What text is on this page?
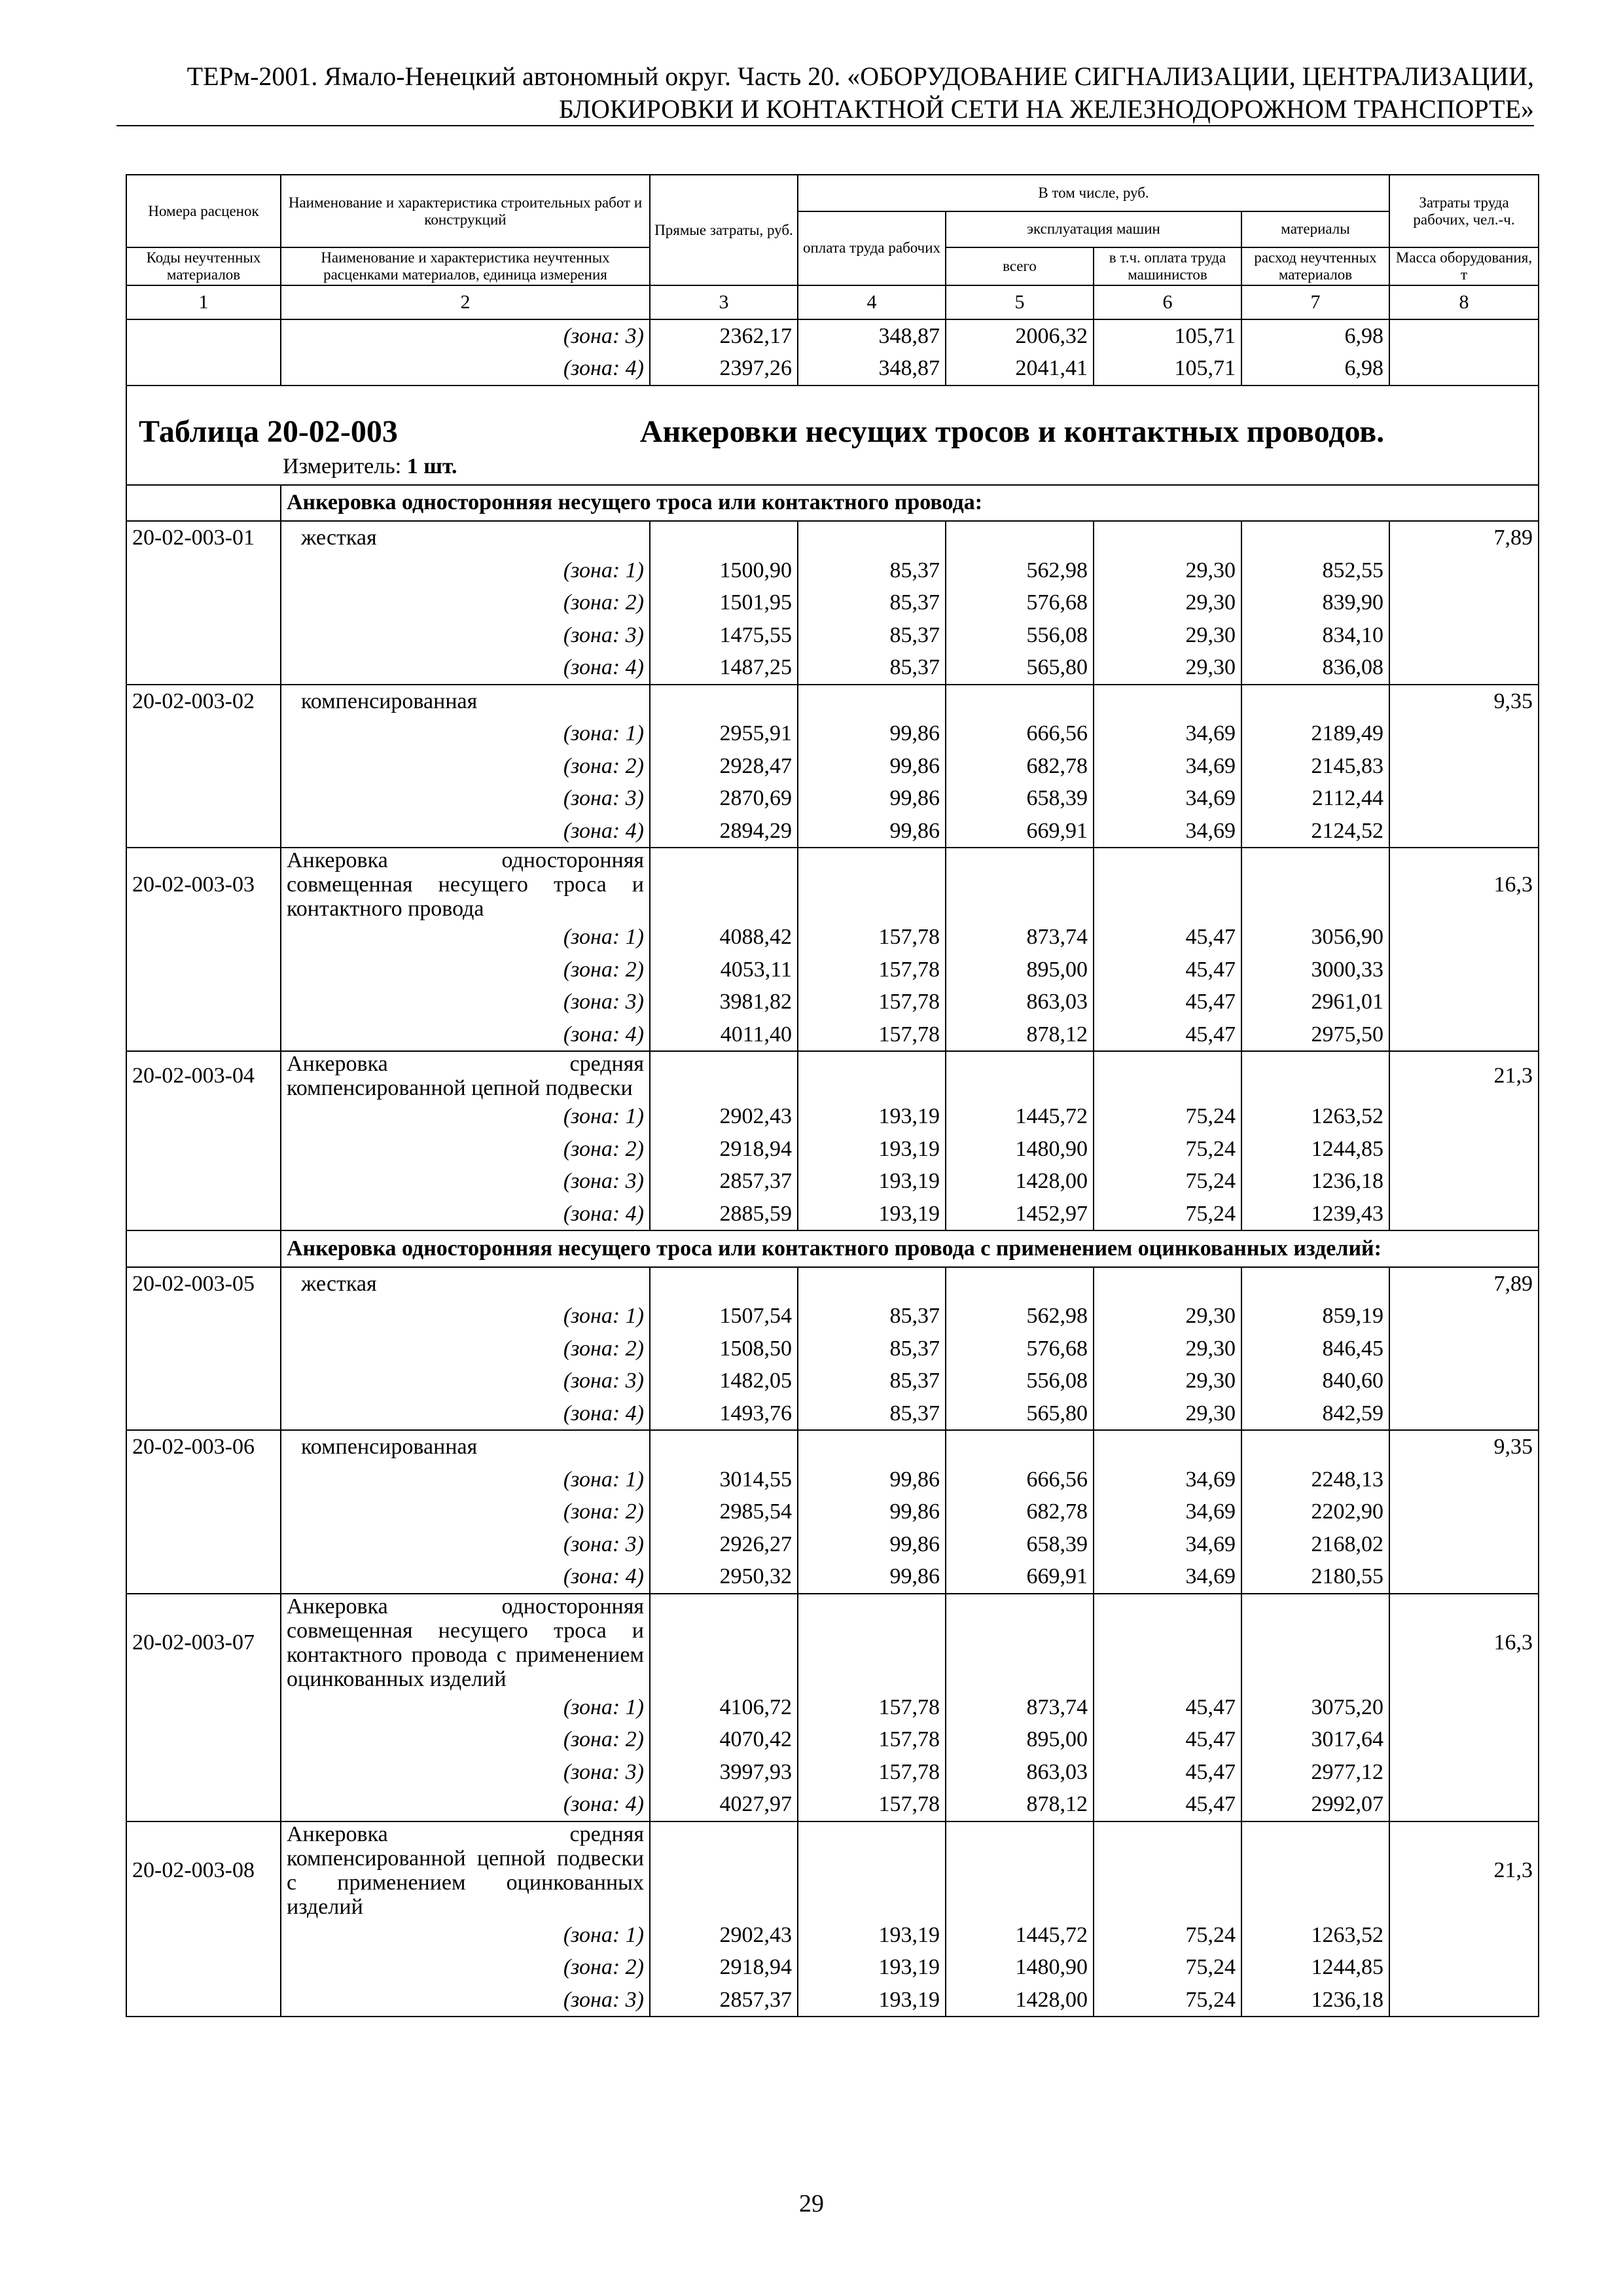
ТЕРм-2001. Ямало-Ненецкий автономный округ. Часть 20. «ОБОРУДОВАНИЕ СИГНАЛИЗАЦИИ, ЦЕНТРАЛИЗАЦИИ,
БЛОКИРОВКИ И КОНТАКТНОЙ СЕТИ НА ЖЕЛЕЗНОДОРОЖНОМ ТРАНСПОРТЕ»
Номера расценок	Наименование и характеристика строительных работ и конструкций	Прямые затраты, руб.	В том числе, руб.				Затраты труда рабочих, чел.-ч.
			оплата труда рабочих	эксплуатация машин		материалы	
Коды неучтенных материалов	Наименование и характеристика неучтенных расценками материалов, единица измерения			всего	в т.ч. оплата труда машинистов	расход неучтенных материалов	Масса оборудования, т
1	2	3	4	5	6	7	8
	(зона: 3)	2362,17	348,87	2006,32	105,71	6,98	
	(зона: 4)	2397,26	348,87	2041,41	105,71	6,98	

Таблица 20-02-003 Анкеровки несущих тросов и контактных проводов.
Измеритель: 1 шт.							

	Анкеровка односторонняя несущего троса или контактного провода:						
20-02-003-01	жесткая						7,89
	(зона: 1)	1500,90	85,37	562,98	29,30	852,55	
	(зона: 2)	1501,95	85,37	576,68	29,30	839,90	
	(зона: 3)	1475,55	85,37	556,08	29,30	834,10	
	(зона: 4)	1487,25	85,37	565,80	29,30	836,08	
20-02-003-02	компенсированная						9,35
	(зона: 1)	2955,91	99,86	666,56	34,69	2189,49	
	(зона: 2)	2928,47	99,86	682,78	34,69	2145,83	
	(зона: 3)	2870,69	99,86	658,39	34,69	2112,44	
	(зона: 4)	2894,29	99,86	669,91	34,69	2124,52	
20-02-003-03	Анкеровка односторонняя совмещенная несущего троса и контактного провода						16,3
	(зона: 1)	4088,42	157,78	873,74	45,47	3056,90	
	(зона: 2)	4053,11	157,78	895,00	45,47	3000,33	
	(зона: 3)	3981,82	157,78	863,03	45,47	2961,01	
	(зона: 4)	4011,40	157,78	878,12	45,47	2975,50	
20-02-003-04	Анкеровка средняя компенсированной цепной подвески						21,3
	(зона: 1)	2902,43	193,19	1445,72	75,24	1263,52	
	(зона: 2)	2918,94	193,19	1480,90	75,24	1244,85	
	(зона: 3)	2857,37	193,19	1428,00	75,24	1236,18	
	(зона: 4)	2885,59	193,19	1452,97	75,24	1239,43	
	Анкеровка односторонняя несущего троса или контактного провода с применением оцинкованных изделий:						
20-02-003-05	жесткая						7,89
	(зона: 1)	1507,54	85,37	562,98	29,30	859,19	
	(зона: 2)	1508,50	85,37	576,68	29,30	846,45	
	(зона: 3)	1482,05	85,37	556,08	29,30	840,60	
	(зона: 4)	1493,76	85,37	565,80	29,30	842,59	
20-02-003-06	компенсированная						9,35
	(зона: 1)	3014,55	99,86	666,56	34,69	2248,13	
	(зона: 2)	2985,54	99,86	682,78	34,69	2202,90	
	(зона: 3)	2926,27	99,86	658,39	34,69	2168,02	
	(зона: 4)	2950,32	99,86	669,91	34,69	2180,55	
20-02-003-07	Анкеровка односторонняя совмещенная несущего троса и контактного провода с применением оцинкованных изделий						16,3
	(зона: 1)	4106,72	157,78	873,74	45,47	3075,20	
	(зона: 2)	4070,42	157,78	895,00	45,47	3017,64	
	(зона: 3)	3997,93	157,78	863,03	45,47	2977,12	
	(зона: 4)	4027,97	157,78	878,12	45,47	2992,07	
20-02-003-08	Анкеровка средняя компенсированной цепной подвески с применением оцинкованных изделий						21,3
	(зона: 1)	2902,43	193,19	1445,72	75,24	1263,52	
	(зона: 2)	2918,94	193,19	1480,90	75,24	1244,85	
	(зона: 3)	2857,37	193,19	1428,00	75,24	1236,18	
29
